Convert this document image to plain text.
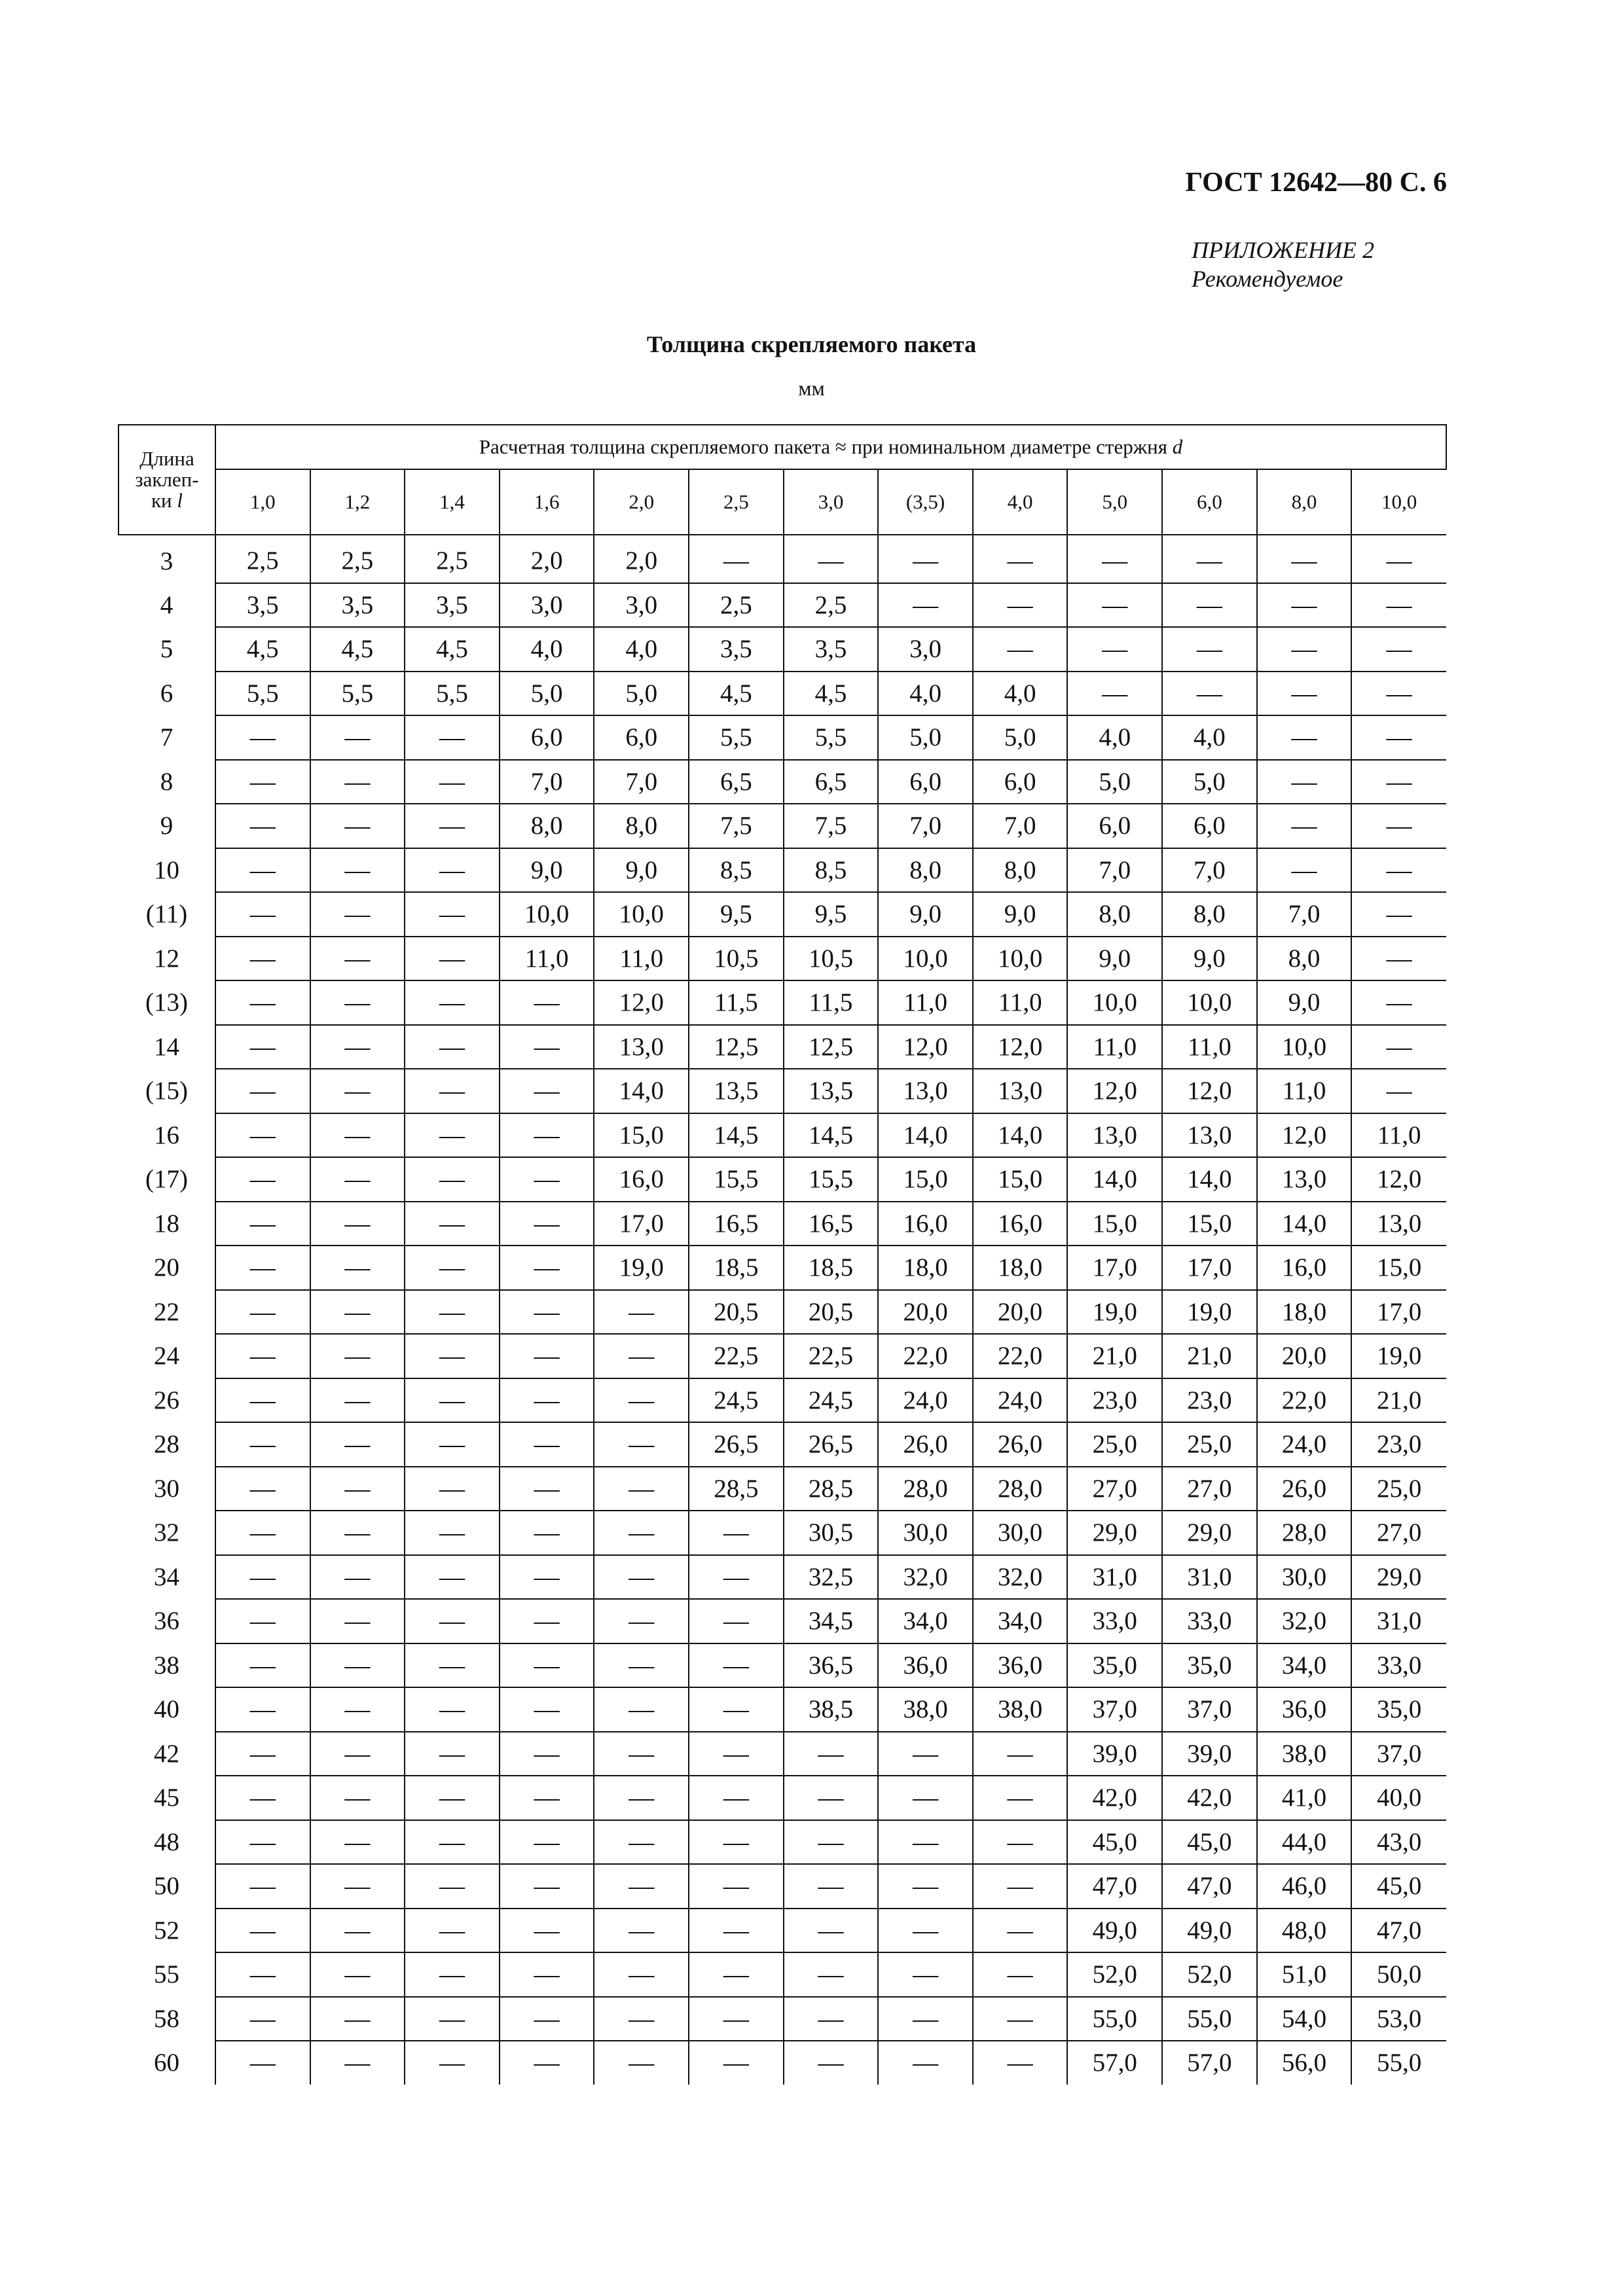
ГОСТ 12642—80 С. 6
ПРИЛОЖЕНИЕ 2
Рекомендуемое
Толщина скрепляемого пакета
мм
Длина
заклеп-
ки l	Расчетная толщина скрепляемого пакета ≈ при номинальном диаметре стержня d												
	1,0	1,2	1,4	1,6	2,0	2,5	3,0	(3,5)	4,0	5,0	6,0	8,0	10,0
3	2,5	2,5	2,5	2,0	2,0	—	—	—	—	—	—	—	—
4	3,5	3,5	3,5	3,0	3,0	2,5	2,5	—	—	—	—	—	—
5	4,5	4,5	4,5	4,0	4,0	3,5	3,5	3,0	—	—	—	—	—
6	5,5	5,5	5,5	5,0	5,0	4,5	4,5	4,0	4,0	—	—	—	—
7	—	—	—	6,0	6,0	5,5	5,5	5,0	5,0	4,0	4,0	—	—
8	—	—	—	7,0	7,0	6,5	6,5	6,0	6,0	5,0	5,0	—	—
9	—	—	—	8,0	8,0	7,5	7,5	7,0	7,0	6,0	6,0	—	—
10	—	—	—	9,0	9,0	8,5	8,5	8,0	8,0	7,0	7,0	—	—
(11)	—	—	—	10,0	10,0	9,5	9,5	9,0	9,0	8,0	8,0	7,0	—
12	—	—	—	11,0	11,0	10,5	10,5	10,0	10,0	9,0	9,0	8,0	—
(13)	—	—	—	—	12,0	11,5	11,5	11,0	11,0	10,0	10,0	9,0	—
14	—	—	—	—	13,0	12,5	12,5	12,0	12,0	11,0	11,0	10,0	—
(15)	—	—	—	—	14,0	13,5	13,5	13,0	13,0	12,0	12,0	11,0	—
16	—	—	—	—	15,0	14,5	14,5	14,0	14,0	13,0	13,0	12,0	11,0
(17)	—	—	—	—	16,0	15,5	15,5	15,0	15,0	14,0	14,0	13,0	12,0
18	—	—	—	—	17,0	16,5	16,5	16,0	16,0	15,0	15,0	14,0	13,0
20	—	—	—	—	19,0	18,5	18,5	18,0	18,0	17,0	17,0	16,0	15,0
22	—	—	—	—	—	20,5	20,5	20,0	20,0	19,0	19,0	18,0	17,0
24	—	—	—	—	—	22,5	22,5	22,0	22,0	21,0	21,0	20,0	19,0
26	—	—	—	—	—	24,5	24,5	24,0	24,0	23,0	23,0	22,0	21,0
28	—	—	—	—	—	26,5	26,5	26,0	26,0	25,0	25,0	24,0	23,0
30	—	—	—	—	—	28,5	28,5	28,0	28,0	27,0	27,0	26,0	25,0
32	—	—	—	—	—	—	30,5	30,0	30,0	29,0	29,0	28,0	27,0
34	—	—	—	—	—	—	32,5	32,0	32,0	31,0	31,0	30,0	29,0
36	—	—	—	—	—	—	34,5	34,0	34,0	33,0	33,0	32,0	31,0
38	—	—	—	—	—	—	36,5	36,0	36,0	35,0	35,0	34,0	33,0
40	—	—	—	—	—	—	38,5	38,0	38,0	37,0	37,0	36,0	35,0
42	—	—	—	—	—	—	—	—	—	39,0	39,0	38,0	37,0
45	—	—	—	—	—	—	—	—	—	42,0	42,0	41,0	40,0
48	—	—	—	—	—	—	—	—	—	45,0	45,0	44,0	43,0
50	—	—	—	—	—	—	—	—	—	47,0	47,0	46,0	45,0
52	—	—	—	—	—	—	—	—	—	49,0	49,0	48,0	47,0
55	—	—	—	—	—	—	—	—	—	52,0	52,0	51,0	50,0
58	—	—	—	—	—	—	—	—	—	55,0	55,0	54,0	53,0
60	—	—	—	—	—	—	—	—	—	57,0	57,0	56,0	55,0
